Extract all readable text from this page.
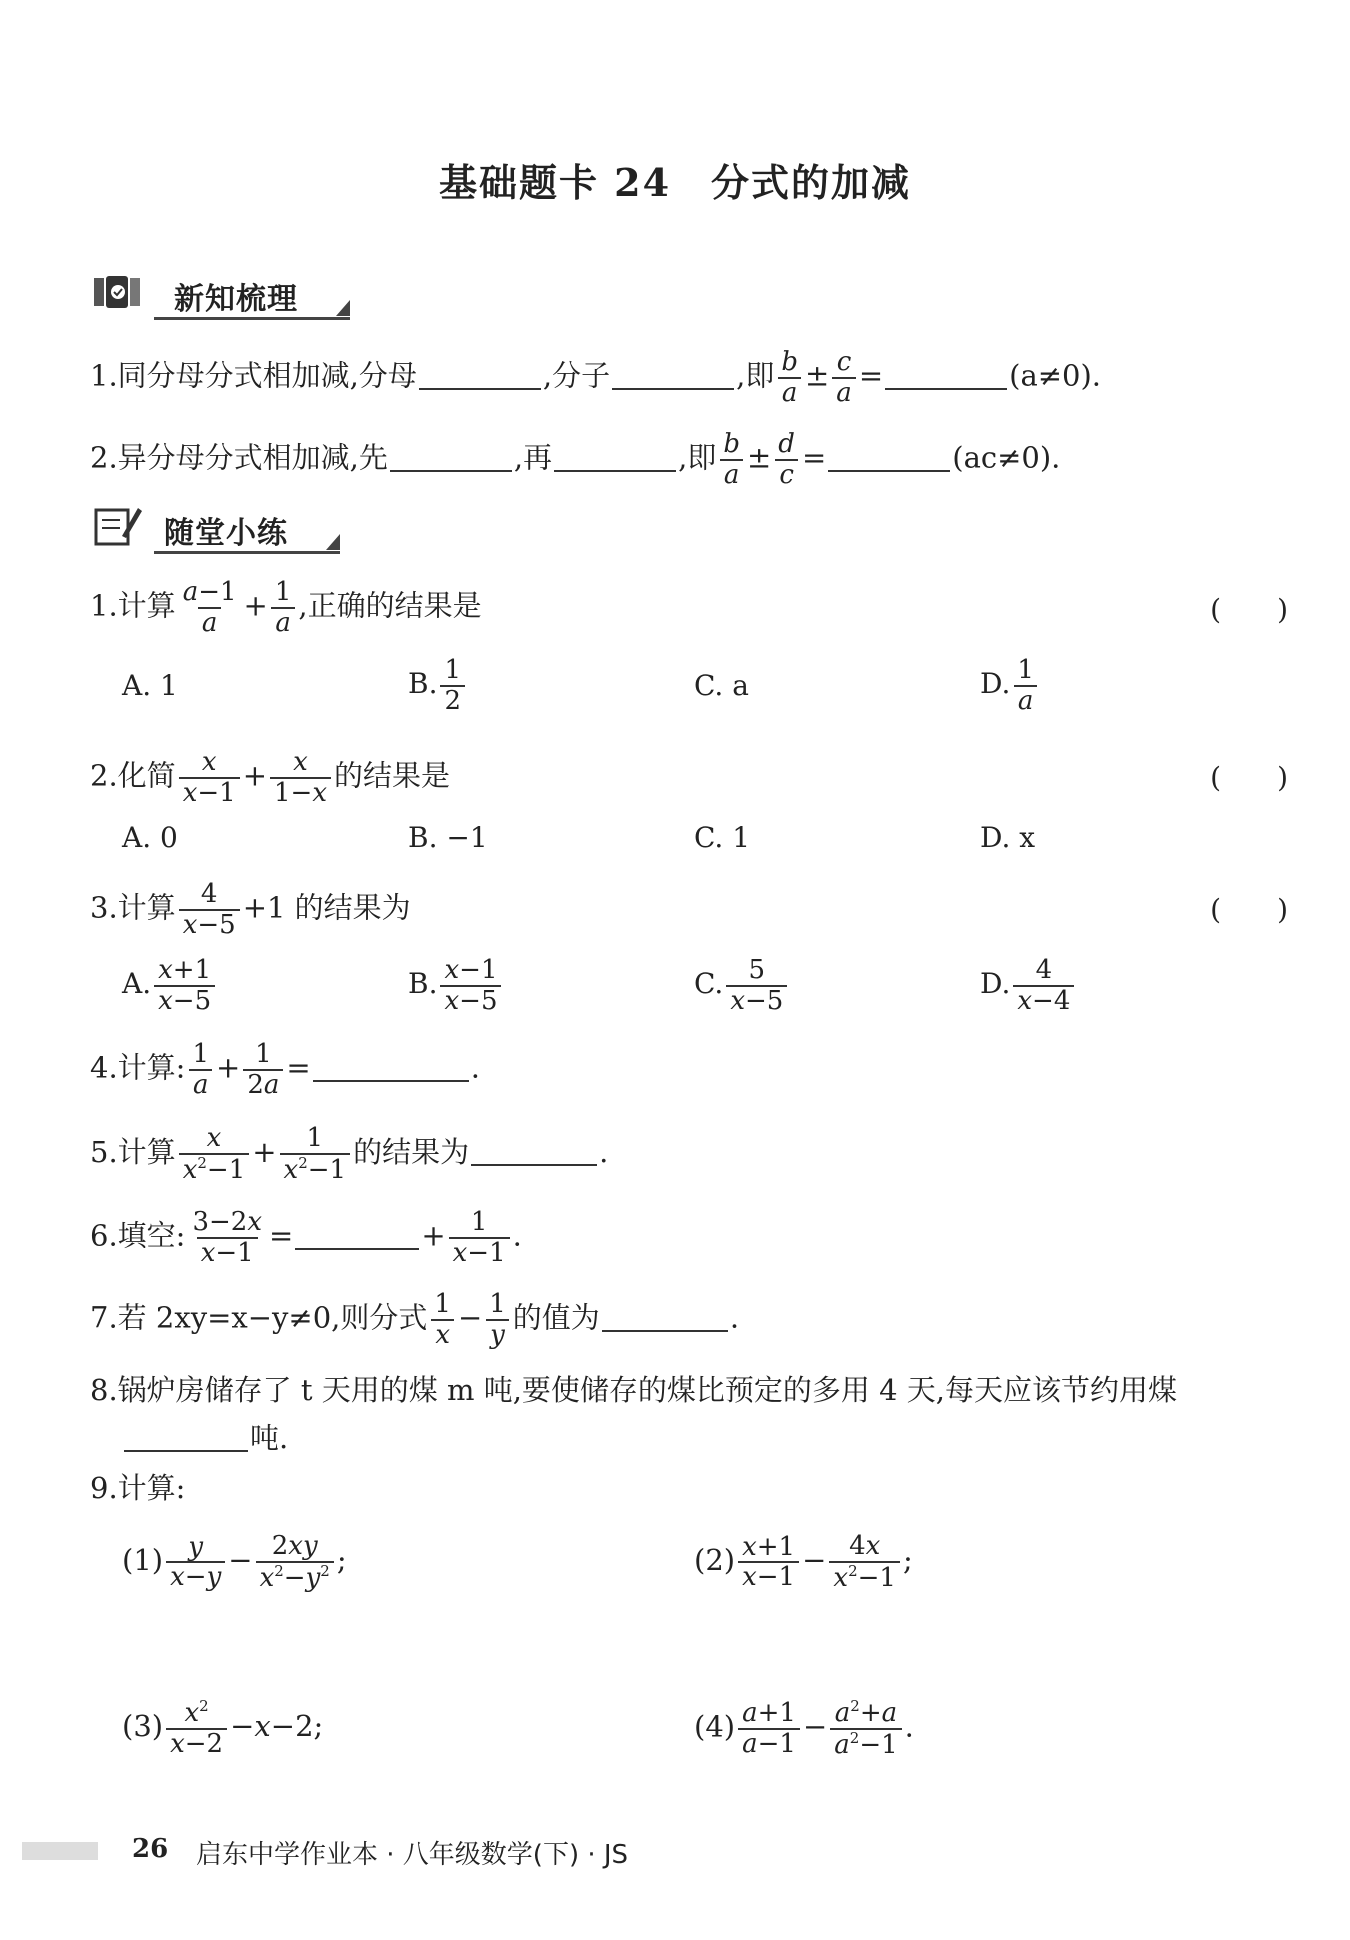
基础题卡 24　分式的加减
新知梳理
1.同分母分式相加减,分母	,分子	,即 $\frac{b}{a} \pm \frac{c}{a}$ =	(a≠0).
2.异分母分式相加减,先	,再	,即 $\frac{b}{a} \pm \frac{d}{c}$ =	(ac≠0).
随堂小练
1.计算 $\frac{a-1}{a} + \frac{1}{a}$ ,正确的结果是	(　　)
A. 1	B. $\frac{1}{2}$	C. a	D. $\frac{1}{a}$
2.化简 $\frac{x}{x-1} + \frac{x}{1-x}$ 的结果是	(　　)
A. 0	B. −1	C. 1	D. x
3.计算 $\frac{4}{x-5} +1$ 的结果为	(　　)
A. $\frac{x+1}{x-5}$	B. $\frac{x-1}{x-5}$	C. $\frac{5}{x-5}$	D. $\frac{4}{x-4}$
4.计算: $\frac{1}{a} + \frac{1}{2a}$ =	.
5.计算 $\frac{x}{x^2-1} + \frac{1}{x^2-1}$ 的结果为	.
6.填空: $\frac{3-2x}{x-1}$ =	+ $\frac{1}{x-1}$ .
7.若 2xy=x−y≠0,则分式 $\frac{1}{x} - \frac{1}{y}$ 的值为	.
8.锅炉房储存了 t 天用的煤 m 吨,要使储存的煤比预定的多用 4 天,每天应该节约用煤
吨.
9.计算:
$(1) \frac{y}{x-y} - \frac{2xy}{x^2-y^2}$ ;	$(2) \frac{x+1}{x-1} - \frac{4x}{x^2-1}$ ;
$(3) \frac{x^2}{x-2} -x-2$;	$(4) \frac{a+1}{a-1} - \frac{a^2+a}{a^2-1}$ .
26 启东中学作业本 · 八年级数学(下) · JS
